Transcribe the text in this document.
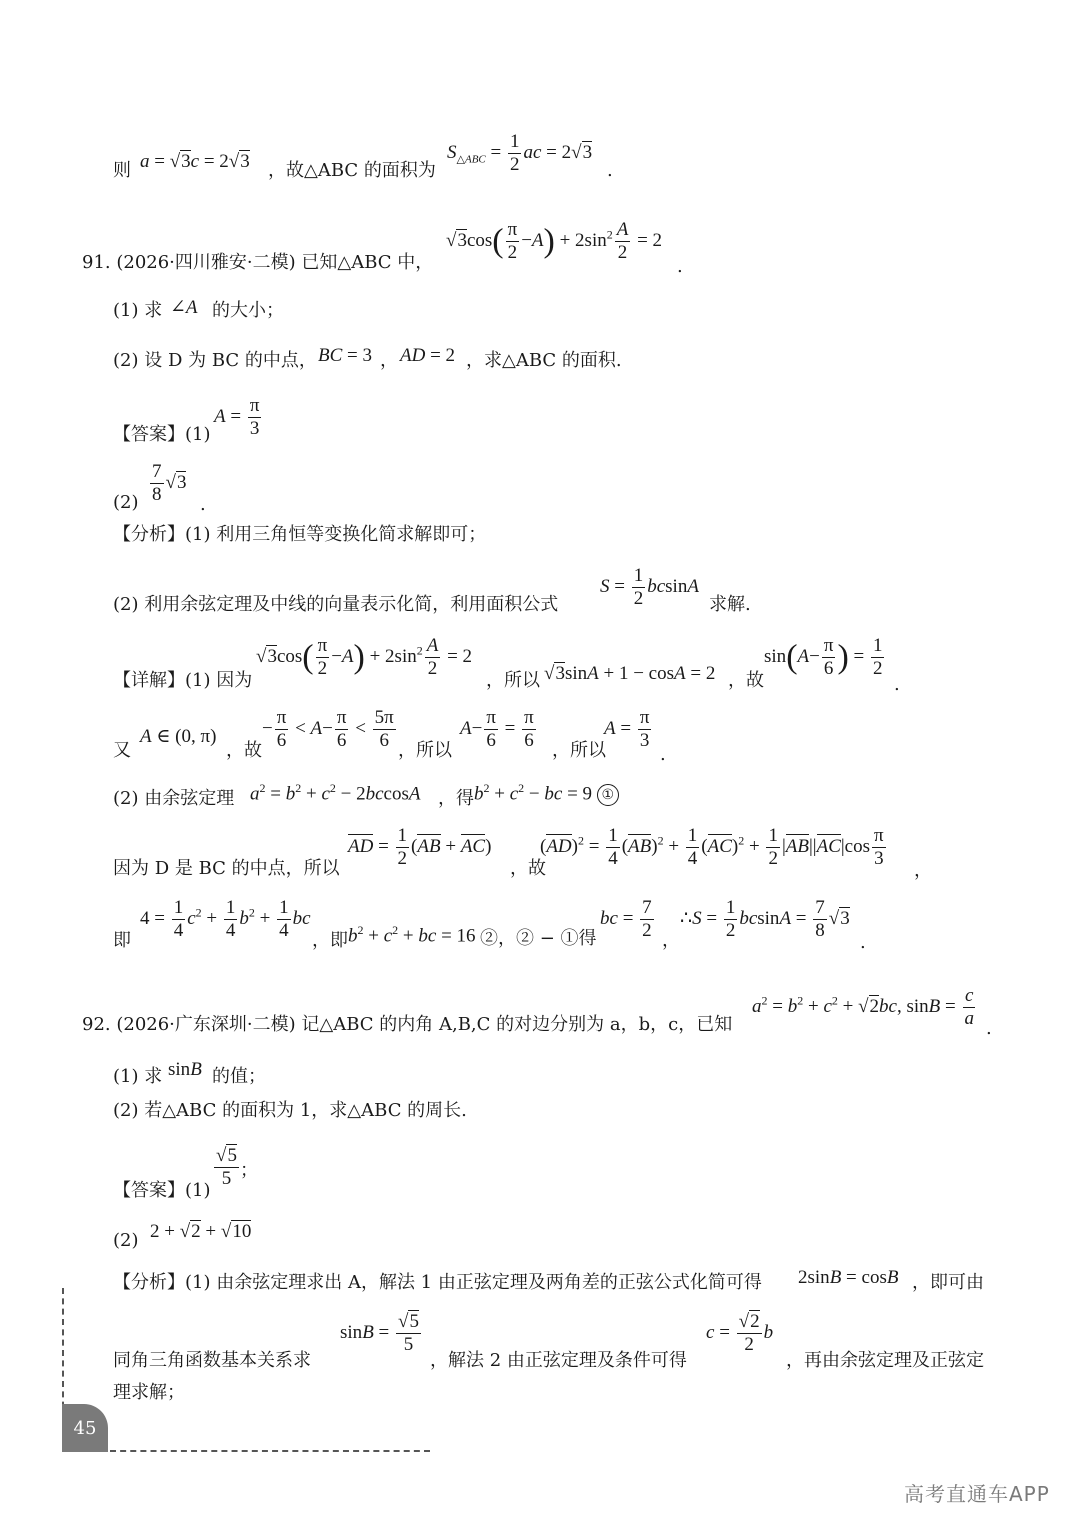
则 a = √3c = 2√3 ，故△ABC 的面积为
$S_{\triangle ABC} = \frac{1}{2}$ ac = 2√3
.
91. (2026·四川雅安·二模) 已知△ABC 中，
$√3\cos( \frac{\pi}{2} -A) + 2\sin^2 \frac{A}{2} = 2$
.
(1) 求 ∠A 的大小；
(2) 设 D 为 BC 的中点， BC = 3 ， AD = 2 ，求△ABC 的面积.
【答案】(1)
$A = \frac{\pi}{3}$
$(2) \frac{7}{8} √3$
.
【分析】(1) 利用三角恒等变换化简求解即可；
(2) 利用余弦定理及中线的向量表示化简，利用面积公式
$S = \frac{1}{2}$ bcsinA
求解.
【详解】(1) 因为
$√3\cos( \frac{\pi}{2} -A) + 2\sin^2 \frac{A}{2} = 2$
，所以 √3sinA + 1 − cosA = 2 ，故
$\sin(A- \frac{\pi}{6}$ ) = $\frac{1}{2}$
.
又
A ∈ (0, π)
，故
− $\frac{\pi}{6} < A- \frac{\pi}{6} < \frac{5\pi}{6}$ ，所以
$A- \frac{\pi}{6} = \frac{\pi}{6}$ ，所以
$A = \frac{\pi}{3}$
.
(2) 由余弦定理 $a^2 = b^2 + c^2 - 2bccosA$ ，得 $b^2 + c^2$ − bc = 9 ①
因为 D 是 BC 的中点，所以
AD = $\frac{1}{2} (AB + AC)$
，故
$(AD)^2 = \frac{1}{4} (AB)^2 + \frac{1}{4} (AC)^2 + \frac{1}{2} |AB||AC|\cos \frac{\pi}{3}$
，
即
$4 = \frac{1}{4} c^2 + \frac{1}{4} b^2 + \frac{1}{4}$ bc
，即 $b^2 + c^2$ + bc = 16 ②，② − ①得
bc = $\frac{7}{2}$ ，
∴S = $\frac{1}{2}$ $bcsinA = \frac{7}{8} √3$
.
92. (2026·广东深圳·二模) 记△ABC 的内角 A,B,C 的对边分别为 a，b，c，已知
$a^2 = b^2 + c^2 + √2bc$, $\sin B = \frac{c}{a}$ .
(1) 求 sinB 的值；
(2) 若△ABC 的面积为 1，求△ABC 的周长.
【答案】(1)
$\frac{√5}{5}$ ；
(2) 2 + √2 + √10
【分析】(1) 由余弦定理求出 A，解法 1 由正弦定理及两角差的正弦公式化简可得 2sinB = cosB ，即可由
同角三角函数基本关系求
$\sin B = \frac{√5}{5}$
，解法 2 由正弦定理及条件可得
$c = \frac{√2}{2}$ b
，再由余弦定理及正弦定
理求解；
45
高考直通车APP
